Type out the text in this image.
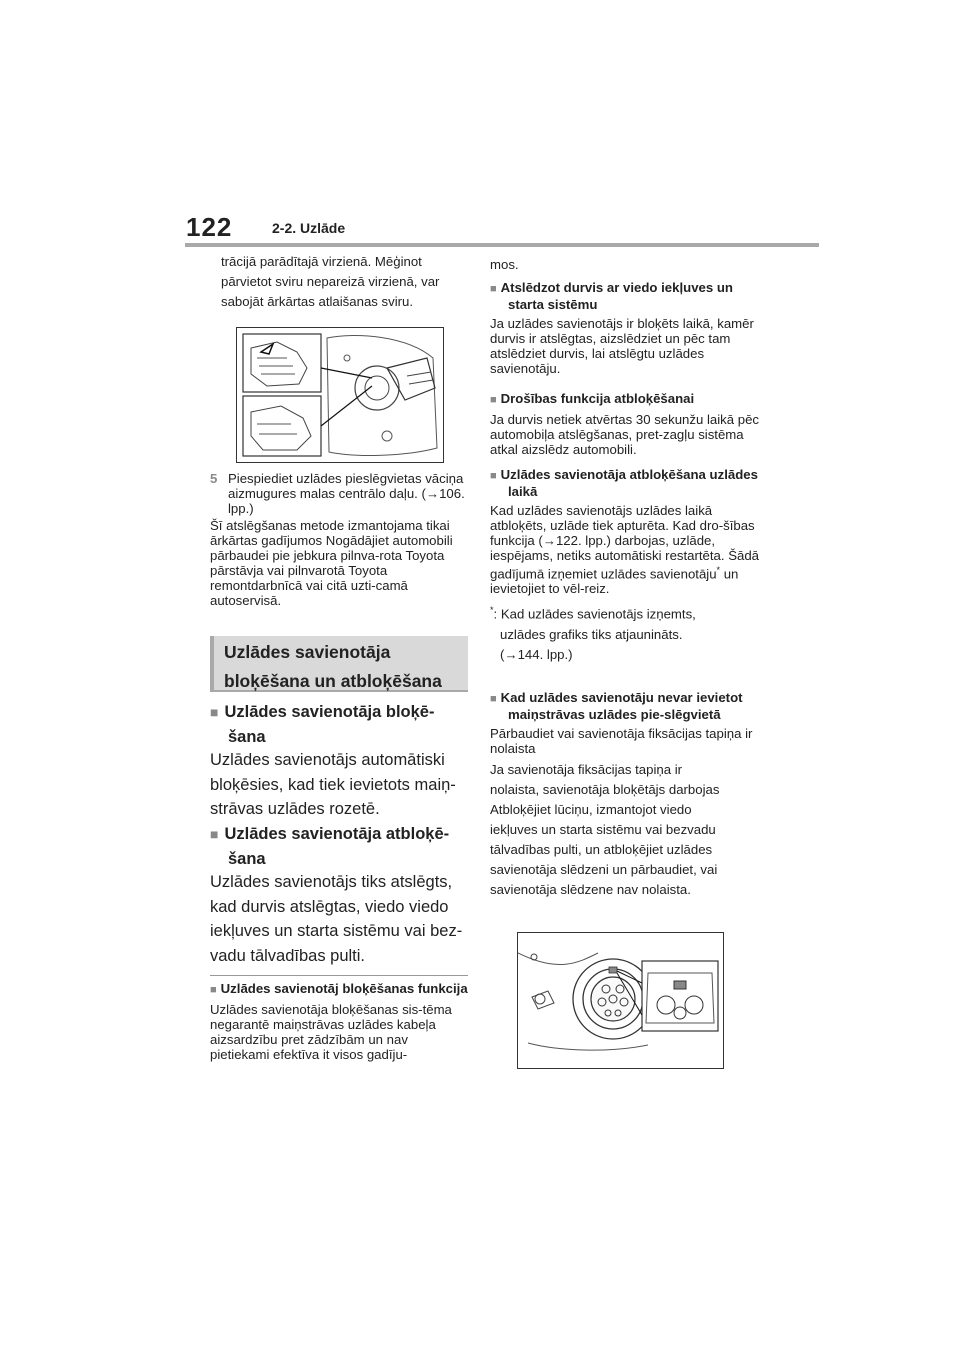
122	2-2. Uzlāde

trācijā parādītajā virzienā. Mēģinot

pārvietot sviru nepareizā virzienā, var

sabojāt ārkārtas atlaišanas sviru.

5 Piespiediet uzlādes pieslēgvietas vāciņa aizmugures malas centrālo daļu. (→106. lpp.)

Šī atslēgšanas metode izmantojama tikai ārkārtas gadījumos Nogādājiet automobili pārbaudei pie jebkura pilnva-rota Toyota pārstāvja vai pilnvarotā Toyota remontdarbnīcā vai citā uzti-camā autoservisā.

Uzlādes savienotāja
bloķēšana un atbloķēšana
■ Uzlādes savienotāja bloķē-šana

Uzlādes savienotājs automātiski bloķēsies, kad tiek ievietots maiņ-strāvas uzlādes rozetē.

■ Uzlādes savienotāja atbloķē-šana

Uzlādes savienotājs tiks atslēgts, kad durvis atslēgtas, viedo viedo iekļuves un starta sistēmu vai bez-vadu tālvadības pulti.

■ Uzlādes savienotāj bloķēšanas funkcija

Uzlādes savienotāja bloķēšanas sis-tēma negarantē maiņstrāvas uzlādes kabeļa aizsardzību pret zādzībām un nav pietiekami efektīva it visos gadīju-

mos.

■ Atslēdzot durvis ar viedo iekļuves un starta sistēmu

Ja uzlādes savienotājs ir bloķēts laikā, kamēr durvis ir atslēgtas, aizslēdziet un pēc tam atslēdziet durvis, lai atslēgtu uzlādes savienotāju.

■ Drošības funkcija atbloķēšanai

Ja durvis netiek atvērtas 30 sekunžu laikā pēc automobiļa atslēgšanas, pret-zagļu sistēma atkal aizslēdz automobili.

■ Uzlādes savienotāja atbloķēšana uzlādes laikā

Kad uzlādes savienotājs uzlādes laikā atbloķēts, uzlāde tiek apturēta. Kad dro-šības funkcija (→122. lpp.) darbojas, uzlāde, iespējams, netiks automātiski restartēta. Šādā gadījumā izņemiet uzlādes savienotāju* un ievietojiet to vēl-reiz.

*: Kad uzlādes savienotājs izņemts,
uzlādes grafiks tiks atjaunināts.
(→144. lpp.)
■ Kad uzlādes savienotāju nevar ievietot maiņstrāvas uzlādes pie-slēgvietā

Pārbaudiet vai savienotāja fiksācijas tapiņa ir nolaista

Ja savienotāja fiksācijas tapiņa ir
nolaista, savienotāja bloķētājs darbojas
Atbloķējiet lūciņu, izmantojot viedo
iekļuves un starta sistēmu vai bezvadu
tālvadības pulti, un atbloķējiet uzlādes
savienotāja slēdzeni un pārbaudiet, vai
savienotāja slēdzene nav nolaista.
